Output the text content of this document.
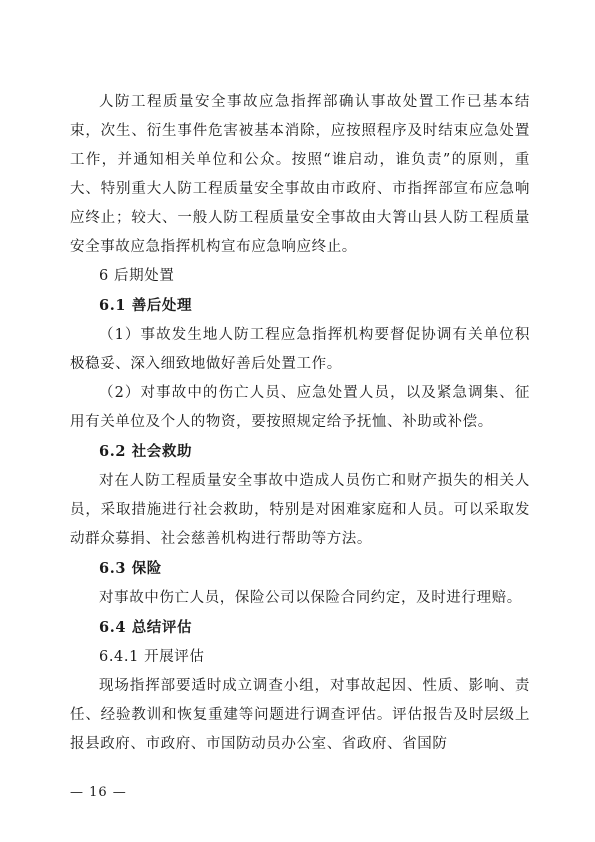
人防工程质量安全事故应急指挥部确认事故处置工作已基本结束，次生、衍生事件危害被基本消除，应按照程序及时结束应急处置工作，并通知相关单位和公众。按照“谁启动，谁负责”的原则，重大、特别重大人防工程质量安全事故由市政府、市指挥部宣布应急响应终止；较大、一般人防工程质量安全事故由大箐山县人防工程质量安全事故应急指挥机构宣布应急响应终止。

6 后期处置

6.1 善后处理

（1）事故发生地人防工程应急指挥机构要督促协调有关单位积极稳妥、深入细致地做好善后处置工作。

（2）对事故中的伤亡人员、应急处置人员，以及紧急调集、征用有关单位及个人的物资，要按照规定给予抚恤、补助或补偿。

6.2 社会救助

对在人防工程质量安全事故中造成人员伤亡和财产损失的相关人员，采取措施进行社会救助，特别是对困难家庭和人员。可以采取发动群众募捐、社会慈善机构进行帮助等方法。

6.3 保险

对事故中伤亡人员，保险公司以保险合同约定，及时进行理赔。

6.4 总结评估

6.4.1 开展评估

现场指挥部要适时成立调查小组，对事故起因、性质、影响、责任、经验教训和恢复重建等问题进行调查评估。评估报告及时层级上报县政府、市政府、市国防动员办公室、省政府、省国防

— 16 —
